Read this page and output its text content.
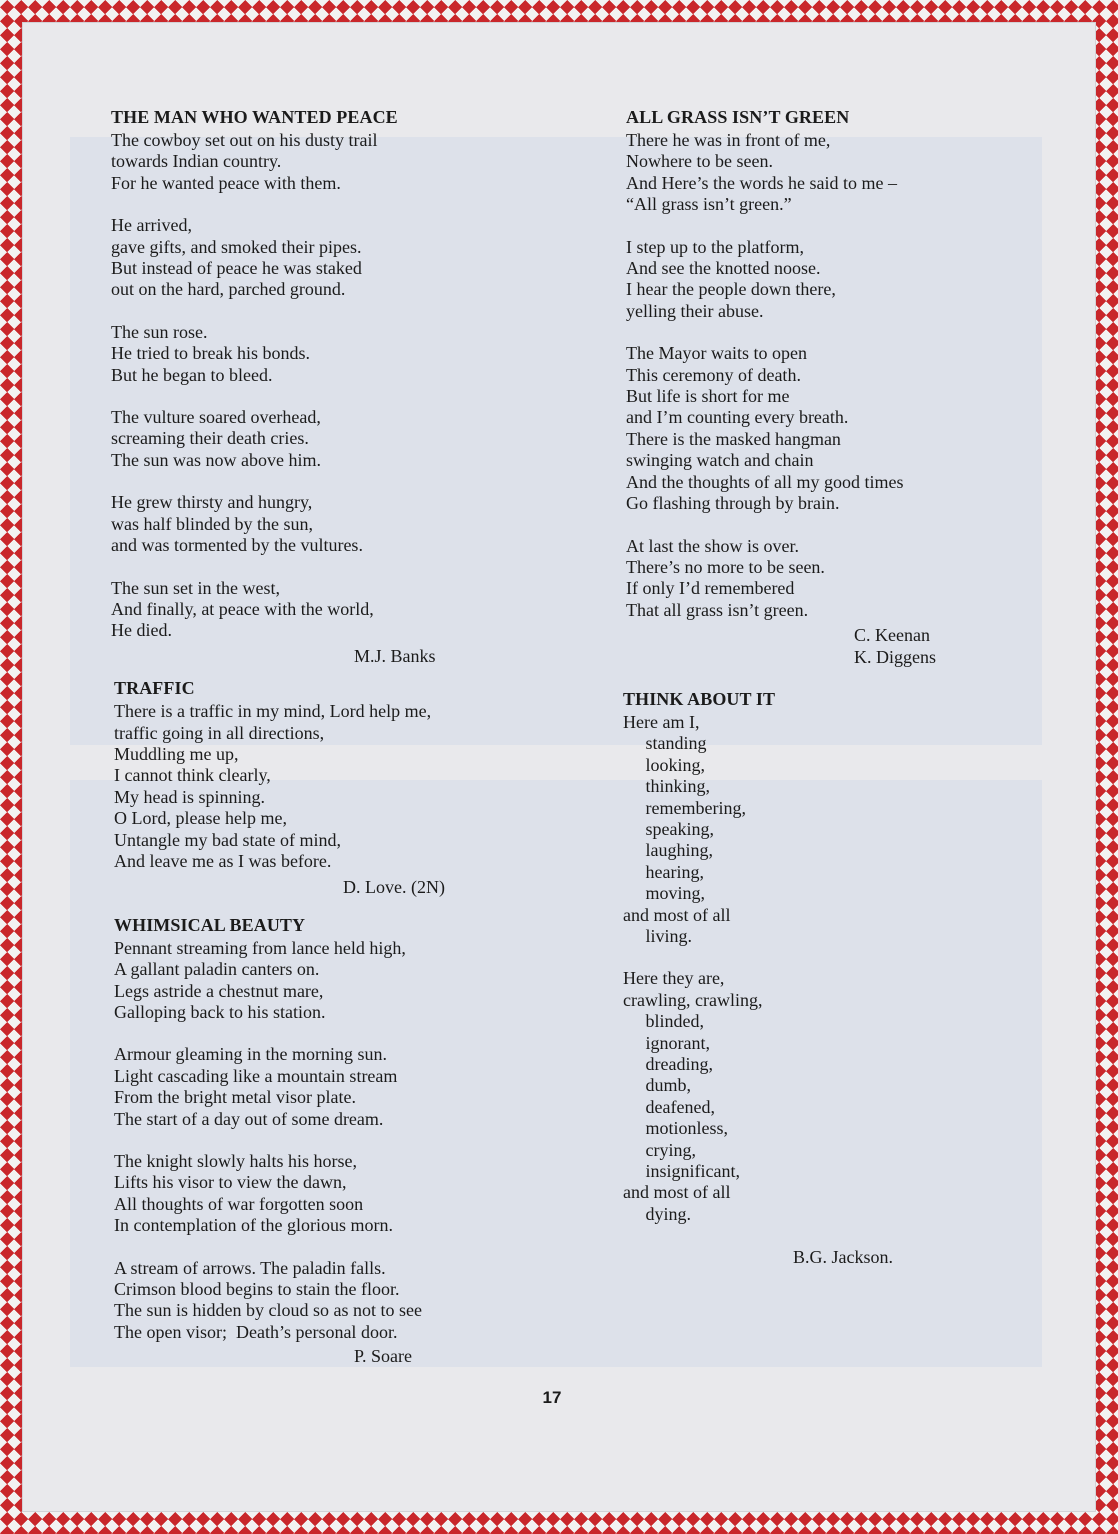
THE MAN WHO WANTED PEACE
The cowboy set out on his dusty trail
towards Indian country.
For he wanted peace with them.
He arrived,
gave gifts, and smoked their pipes.
But instead of peace he was staked
out on the hard, parched ground.
The sun rose.
He tried to break his bonds.
But he began to bleed.
The vulture soared overhead,
screaming their death cries.
The sun was now above him.
He grew thirsty and hungry,
was half blinded by the sun,
and was tormented by the vultures.
The sun set in the west,
And finally, at peace with the world,
He died.
M.J. Banks
TRAFFIC
There is a traffic in my mind, Lord help me,
traffic going in all directions,
Muddling me up,
I cannot think clearly,
My head is spinning.
O Lord, please help me,
Untangle my bad state of mind,
And leave me as I was before.
D. Love. (2N)
WHIMSICAL BEAUTY
Pennant streaming from lance held high,
A gallant paladin canters on.
Legs astride a chestnut mare,
Galloping back to his station.
Armour gleaming in the morning sun.
Light cascading like a mountain stream
From the bright metal visor plate.
The start of a day out of some dream.
The knight slowly halts his horse,
Lifts his visor to view the dawn,
All thoughts of war forgotten soon
In contemplation of the glorious morn.
A stream of arrows. The paladin falls.
Crimson blood begins to stain the floor.
The sun is hidden by cloud so as not to see
The open visor;  Death’s personal door.
P. Soare
ALL GRASS ISN’T GREEN
There he was in front of me,
Nowhere to be seen.
And Here’s the words he said to me –
“All grass isn’t green.”
I step up to the platform,
And see the knotted noose.
I hear the people down there,
yelling their abuse.
The Mayor waits to open
This ceremony of death.
But life is short for me
and I’m counting every breath.
There is the masked hangman
swinging watch and chain
And the thoughts of all my good times
Go flashing through by brain.
At last the show is over.
There’s no more to be seen.
If only I’d remembered
That all grass isn’t green.
C. Keenan
K. Diggens
THINK ABOUT IT
Here am I,
standing
looking,
thinking,
remembering,
speaking,
laughing,
hearing,
moving,
and most of all
living.
Here they are,
crawling, crawling,
blinded,
ignorant,
dreading,
dumb,
deafened,
motionless,
crying,
insignificant,
and most of all
dying.
B.G. Jackson.
17
